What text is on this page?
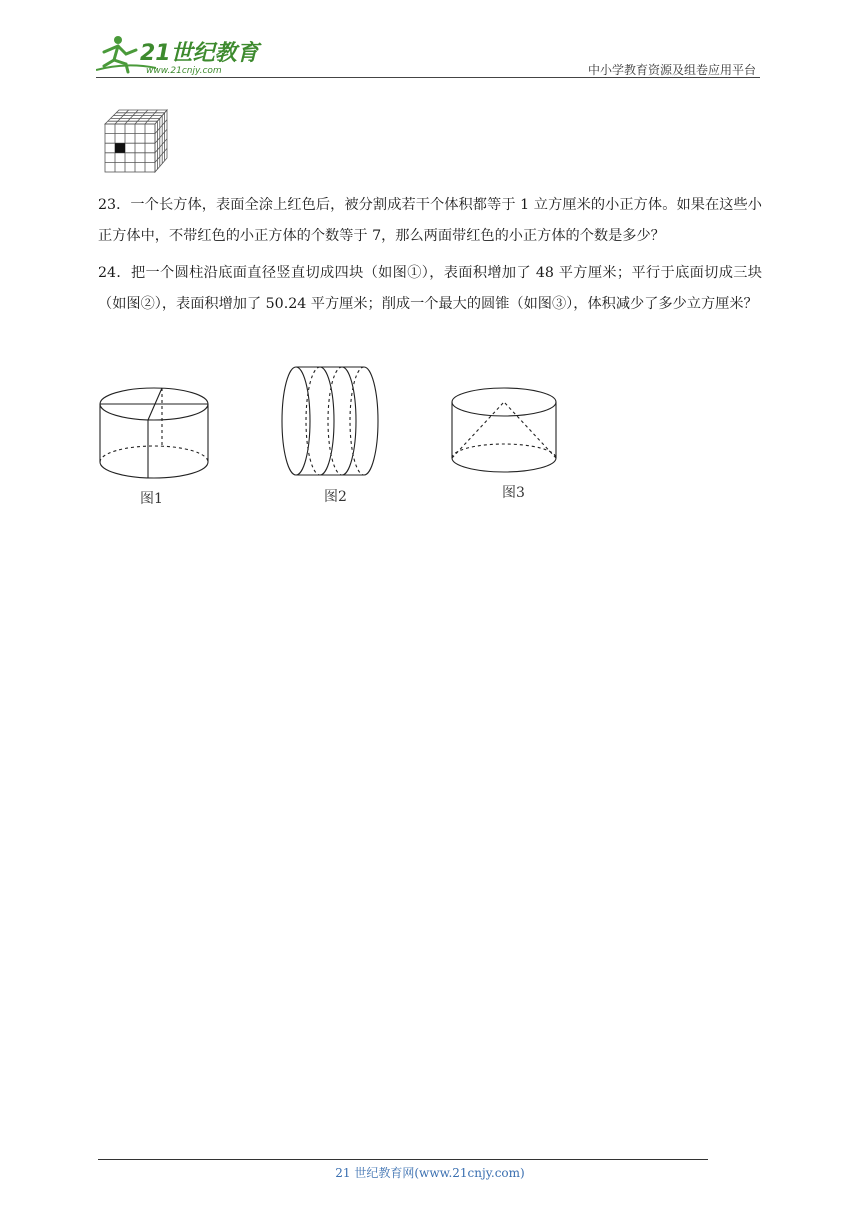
21世纪教育
www.21cnjy.com	中小学教育资源及组卷应用平台
23．一个长方体，表面全涂上红色后，被分割成若干个体积都等于 1 立方厘米的小正方体。如果在这些小正方体中，不带红色的小正方体的个数等于 7，那么两面带红色的小正方体的个数是多少？
24．把一个圆柱沿底面直径竖直切成四块（如图①），表面积增加了 48 平方厘米；平行于底面切成三块（如图②），表面积增加了 50.24 平方厘米；削成一个最大的圆锥（如图③），体积减少了多少立方厘米？
图1	图2	图3
21 世纪教育网(www.21cnjy.com)
